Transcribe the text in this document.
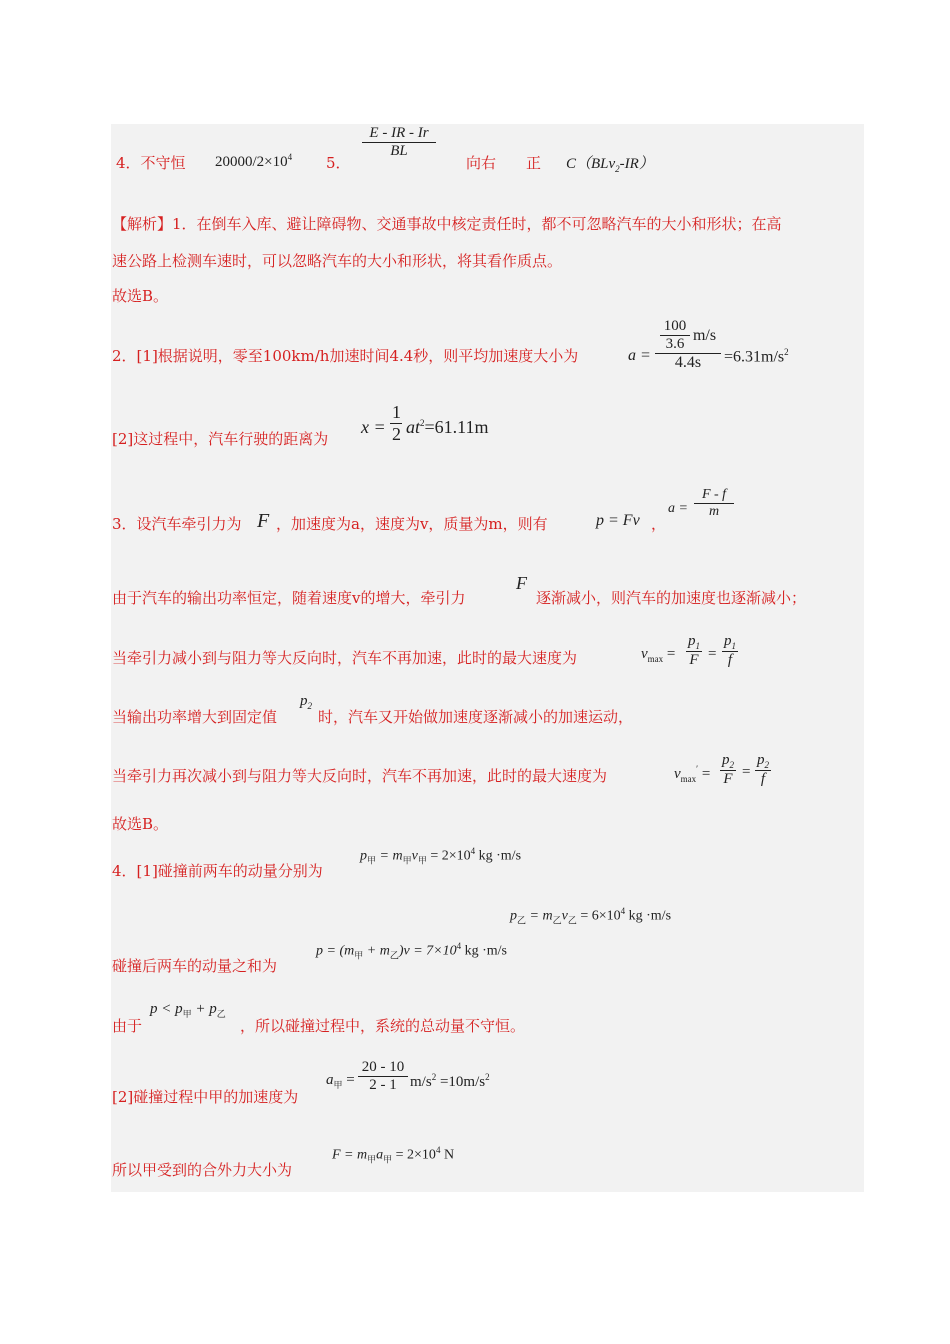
4．不守恒 $20000/2\times 10^4$ 5．
$\frac{E - IR - Ir}{BL}$
向右 正 C（BLv$_2$-IR）
【解析】1．在倒车入库、避让障碍物、交通事故中核定责任时，都不可忽略汽车的大小和形状；在高
速公路上检测车速时，可以忽略汽车的大小和形状，将其看作质点。
故选B。
2．[1]根据说明，零至100km/h加速时间4.4秒，则平均加速度大小为	$a = \frac{\frac{100}{3.6} m/s}{4.4s} =6.31m/s^2$
[2]这过程中，汽车行驶的距离为
$x = \frac{1}{2} at^2=61.11m$
3．设汽车牵引力为 F ，加速度为a，速度为v，质量为m，则有	p = Fv ，
$a = \frac{F - f}{m}$
由于汽车的输出功率恒定，随着速度v的增大，牵引力
F
逐渐减小，则汽车的加速度也逐渐减小；
当牵引力减小到与阻力等大反向时，汽车不再加速，此时的最大速度为	$v_{max} = \frac{p_1}{F} = \frac{p_1}{f}$
当输出功率增大到固定值
$p_2$
时，汽车又开始做加速度逐渐减小的加速运动，
当牵引力再次减小到与阻力等大反向时，汽车不再加速，此时的最大速度为	$v_{max}' = \frac{p_2}{F} = \frac{p_2}{f}$
故选B。
4．[1]碰撞前两车的动量分别为
$p_甲 = m_甲v_甲 = 2\times 10^4$ kg ·m/s
$p_乙 = m_乙v_乙 = 6\times 10^4$ kg ·m/s
碰撞后两车的动量之和为
$p = (m_甲 + m_乙)v = 7\times 10^4$ kg ·m/s
由于
$p < p_甲 + p_乙$
，所以碰撞过程中，系统的总动量不守恒。
[2]碰撞过程中甲的加速度为
$a_甲 = \frac{20 - 10}{2 - 1} m/s^2 =10m/s^2$
所以甲受到的合外力大小为
$F = m_甲a_甲 = 2\times 10^4$ N
